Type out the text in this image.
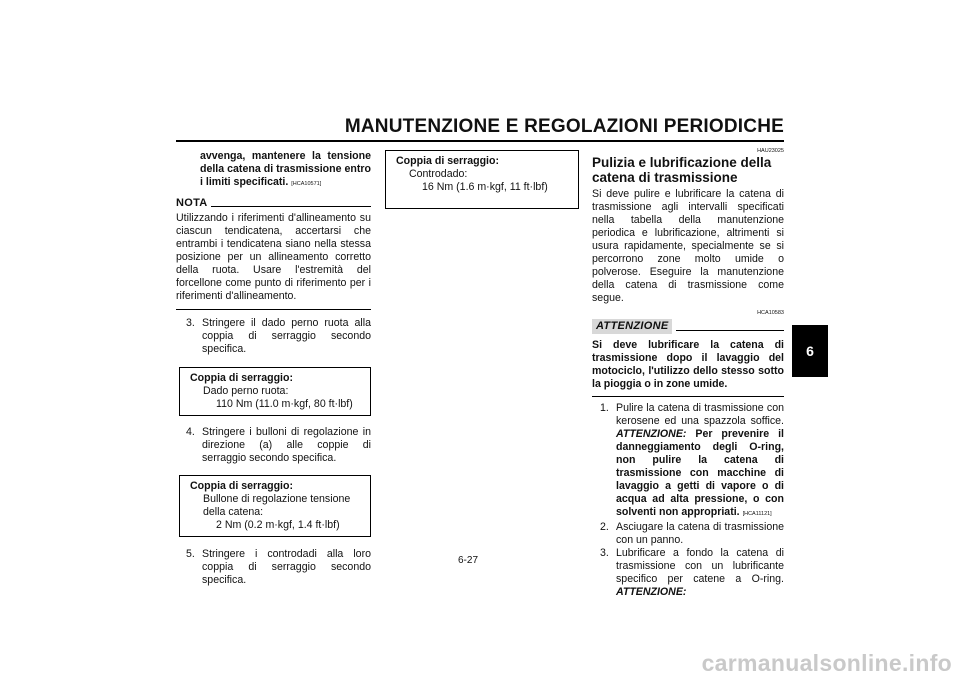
MANUTENZIONE E REGOLAZIONI PERIODICHE
6
avvenga, mantenere la tensione della catena di trasmissione entro i limiti specificati. [HCA10571]
NOTA
Utilizzando i riferimenti d'allineamento su ciascun tendicatena, accertarsi che entrambi i tendicatena siano nella stessa posizione per un allineamento corretto della ruota. Usare l'estremità del forcellone come punto di riferimento per i riferimenti d'allineamento.
3. Stringere il dado perno ruota alla coppia di serraggio secondo specifica.
Coppia di serraggio:
Dado perno ruota:
110 Nm (11.0 m·kgf, 80 ft·lbf)
4. Stringere i bulloni di regolazione in direzione (a) alle coppie di serraggio secondo specifica.
Coppia di serraggio:
Bullone di regolazione tensione della catena:
2 Nm (0.2 m·kgf, 1.4 ft·lbf)
5. Stringere i controdadi alla loro coppia di serraggio secondo specifica.
Coppia di serraggio:
Controdado:
16 Nm (1.6 m·kgf, 11 ft·lbf)
HAU23025
Pulizia e lubrificazione della catena di trasmissione
Si deve pulire e lubrificare la catena di trasmissione agli intervalli specificati nella tabella della manutenzione periodica e lubrificazione, altrimenti si usura rapidamente, specialmente se si percorrono zone molto umide o polverose. Eseguire la manutenzione della catena di trasmissione come segue.
HCA10583
ATTENZIONE
Si deve lubrificare la catena di trasmissione dopo il lavaggio del motociclo, l'utilizzo dello stesso sotto la pioggia o in zone umide.
1. Pulire la catena di trasmissione con kerosene ed una spazzola soffice. ATTENZIONE: Per prevenire il danneggiamento degli O-ring, non pulire la catena di trasmissione con macchine di lavaggio a getti di vapore o di acqua ad alta pressione, o con solventi non appropriati. [HCA11121]
2. Asciugare la catena di trasmissione con un panno.
3. Lubrificare a fondo la catena di trasmissione con un lubrificante specifico per catene a O-ring. ATTENZIONE:
6-27
carmanualsonline.info
